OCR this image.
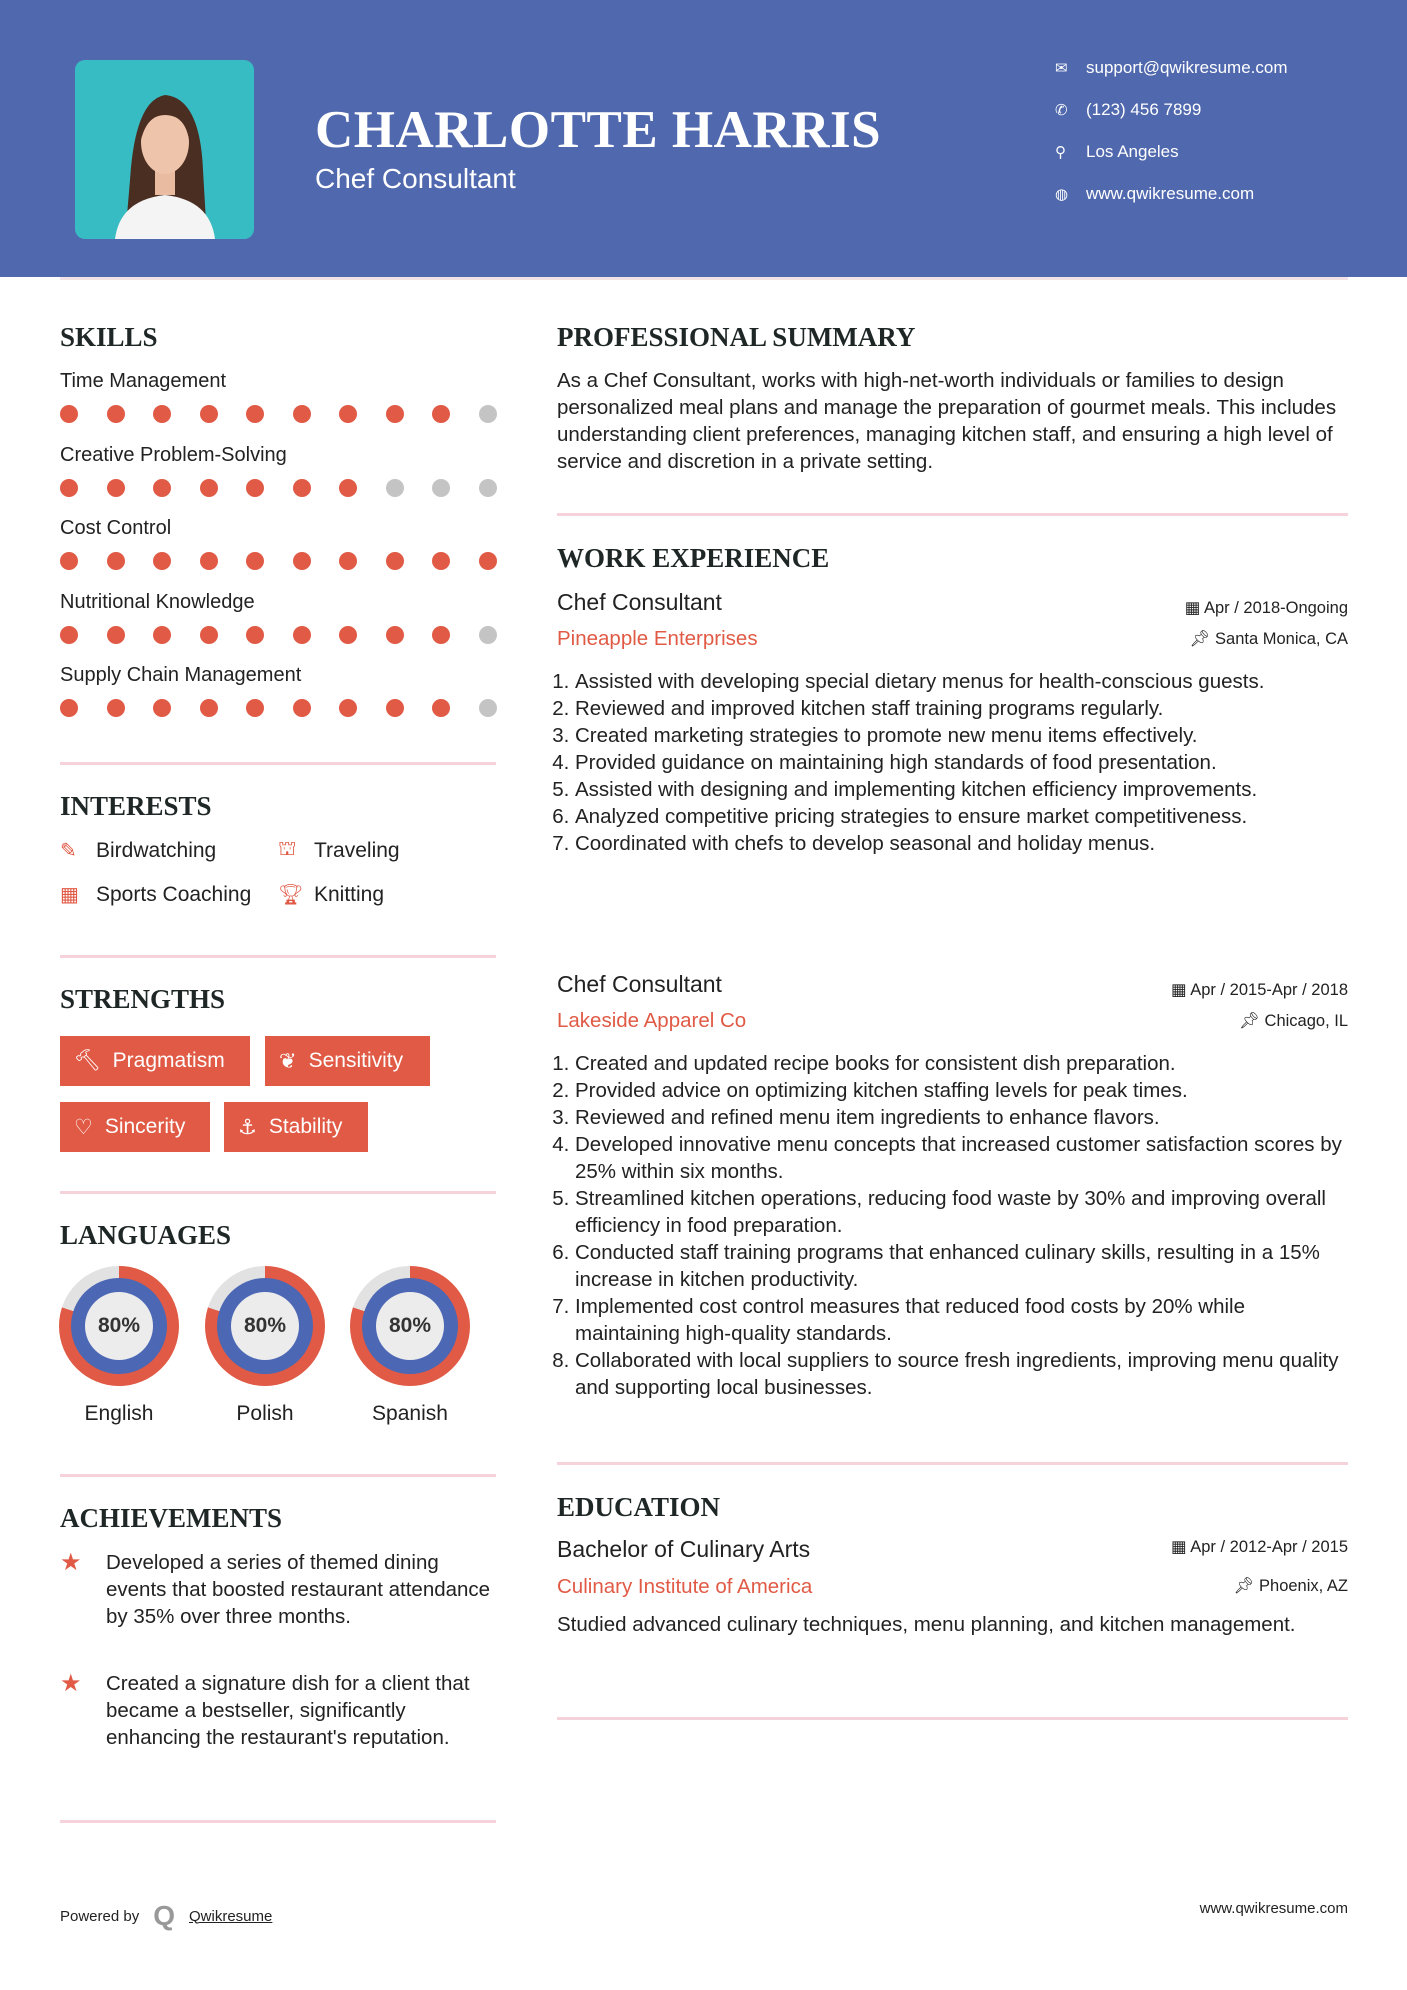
CHARLOTTE HARRIS
Chef Consultant
✉	support@qwikresume.com
✆	(123) 456 7899
⚲	Los Angeles
◍	www.qwikresume.com
SKILLS
Time Management
Creative Problem-Solving
Cost Control
Nutritional Knowledge
Supply Chain Management
INTERESTS
✎ Birdwatching	⛫ Traveling
▦ Sports Coaching 🏆︎ Knitting
STRENGTHS
🔨︎ Pragmatism	❦ Sensitivity
♡ Sincerity	⚓︎ Stability
LANGUAGES
80%
English
80%
Polish
80%
Spanish
ACHIEVEMENTS
★	Developed a series of themed dining events that boosted restaurant attendance by 35% over three months.
★	Created a signature dish for a client that became a bestseller, significantly enhancing the restaurant's reputation.
PROFESSIONAL SUMMARY
As a Chef Consultant, works with high-net-worth individuals or families to design personalized meal plans and manage the preparation of gourmet meals. This includes understanding client preferences, managing kitchen staff, and ensuring a high level of service and discretion in a private setting.
WORK EXPERIENCE
Chef Consultant	▦ Apr / 2018-Ongoing
Pineapple Enterprises	📌︎ Santa Monica, CA
1. Assisted with developing special dietary menus for health-conscious guests.
2. Reviewed and improved kitchen staff training programs regularly.
3. Created marketing strategies to promote new menu items effectively.
4. Provided guidance on maintaining high standards of food presentation.
5. Assisted with designing and implementing kitchen efficiency improvements.
6. Analyzed competitive pricing strategies to ensure market competitiveness.
7. Coordinated with chefs to develop seasonal and holiday menus.
Chef Consultant	▦ Apr / 2015-Apr / 2018
Lakeside Apparel Co	📌︎ Chicago, IL
1. Created and updated recipe books for consistent dish preparation.
2. Provided advice on optimizing kitchen staffing levels for peak times.
3. Reviewed and refined menu item ingredients to enhance flavors.
4. Developed innovative menu concepts that increased customer satisfaction scores by 25% within six months.
5. Streamlined kitchen operations, reducing food waste by 30% and improving overall efficiency in food preparation.
6. Conducted staff training programs that enhanced culinary skills, resulting in a 15% increase in kitchen productivity.
7. Implemented cost control measures that reduced food costs by 20% while maintaining high-quality standards.
8. Collaborated with local suppliers to source fresh ingredients, improving menu quality and supporting local businesses.
EDUCATION
Bachelor of Culinary Arts	▦ Apr / 2012-Apr / 2015
Culinary Institute of America	📌︎ Phoenix, AZ
Studied advanced culinary techniques, menu planning, and kitchen management.
Powered by Q Qwikresume	www.qwikresume.com
